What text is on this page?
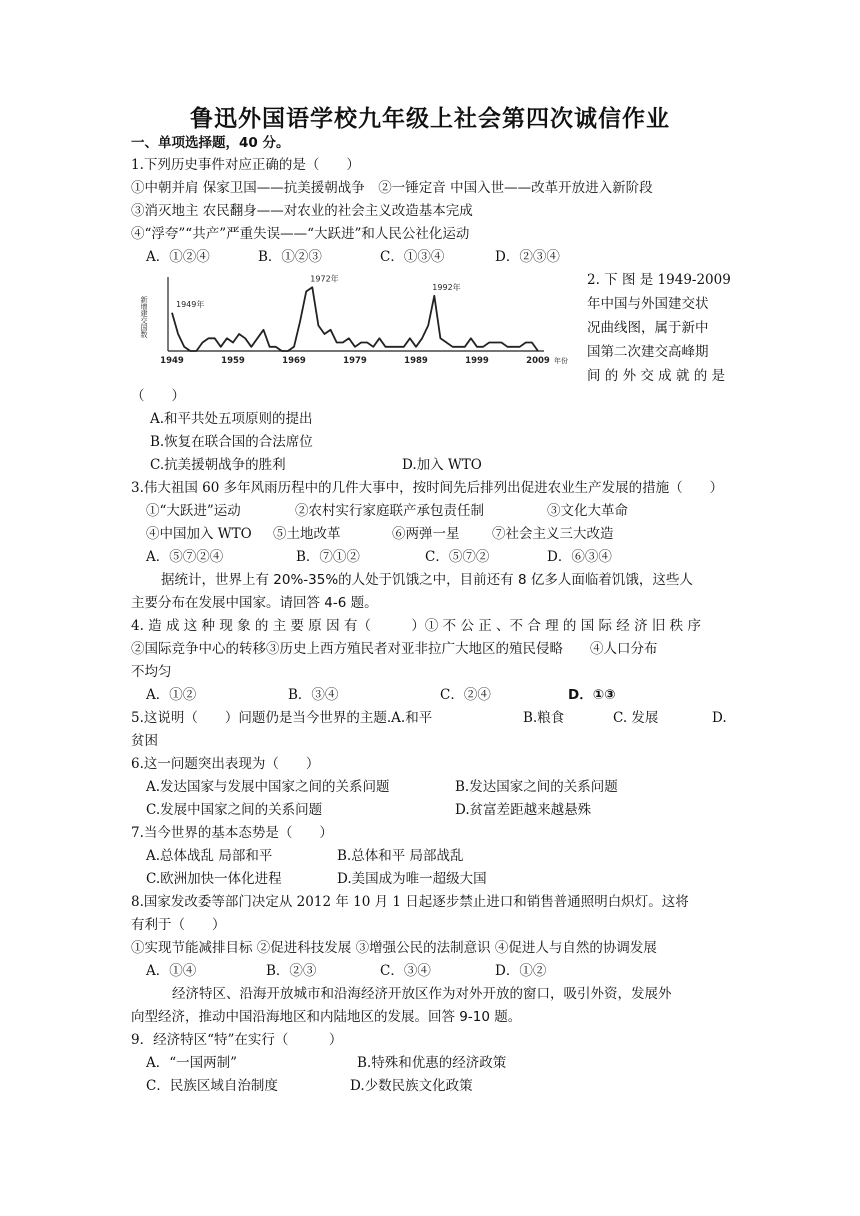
鲁迅外国语学校九年级上社会第四次诚信作业
一、单项选择题，40 分。
1.下列历史事件对应正确的是（　　）
①中朝并肩 保家卫国——抗美援朝战争　②一锤定音 中国入世——改革开放进入新阶段
③消灭地主 农民翻身——对农业的社会主义改造基本完成
④“浮夸”“共产”严重失误——“大跃进”和人民公社化运动
A．①②④	B．①②③	C．①③④	D．②③④
新增建交国数
1949	1959	1969	1979	1989	1999	2009 年份
1949年
1972年
1992年	2. 下 图 是 1949-2009
年中国与外国建交状
况曲线图，属于新中
国第二次建交高峰期
间 的 外 交 成 就 的 是
（　　）
A.和平共处五项原则的提出
B.恢复在联合国的合法席位
C.抗美援朝战争的胜利	D.加入 WTO
3.伟大祖国 60 多年风雨历程中的几件大事中，按时间先后排列出促进农业生产发展的措施（　　）
①“大跃进”运动	②农村实行家庭联产承包责任制	③文化大革命
④中国加入 WTO ⑤土地改革	⑥两弹一星 ⑦社会主义三大改造
A．⑤⑦②④	B．⑦①②	C．⑤⑦②	D．⑥③④
据统计，世界上有 20%-35%的人处于饥饿之中，目前还有 8 亿多人面临着饥饿，这些人
主要分布在发展中国家。请回答 4-6 题。
4. 造 成 这 种 现 象 的 主 要 原 因 有（　　　）① 不 公 正 、不 合 理 的 国 际 经 济 旧 秩 序
②国际竞争中心的转移③历史上西方殖民者对亚非拉广大地区的殖民侵略　　④人口分布
不均匀
A．①②	B．③④	C．②④	D．①③
5.这说明（　　）问题仍是当今世界的主题.A.和平	B.粮食	C. 发展	D.
贫困
6.这一问题突出表现为（　　）
A.发达国家与发展中国家之间的关系问题	B.发达国家之间的关系问题
C.发展中国家之间的关系问题	D.贫富差距越来越悬殊
7.当今世界的基本态势是（　　）
A.总体战乱 局部和平	B.总体和平 局部战乱
C.欧洲加快一体化进程	D.美国成为唯一超级大国
8.国家发改委等部门决定从 2012 年 10 月 1 日起逐步禁止进口和销售普通照明白炽灯。这将
有利于（　　）
①实现节能减排目标 ②促进科技发展 ③增强公民的法制意识 ④促进人与自然的协调发展
A．①④	B．②③	C．③④	D．①②
经济特区、沿海开放城市和沿海经济开放区作为对外开放的窗口，吸引外资，发展外
向型经济，推动中国沿海地区和内陆地区的发展。回答 9-10 题。
9．经济特区“特”在实行（　　　）
A．“一国两制”	B.特殊和优惠的经济政策
C．民族区域自治制度	D.少数民族文化政策
